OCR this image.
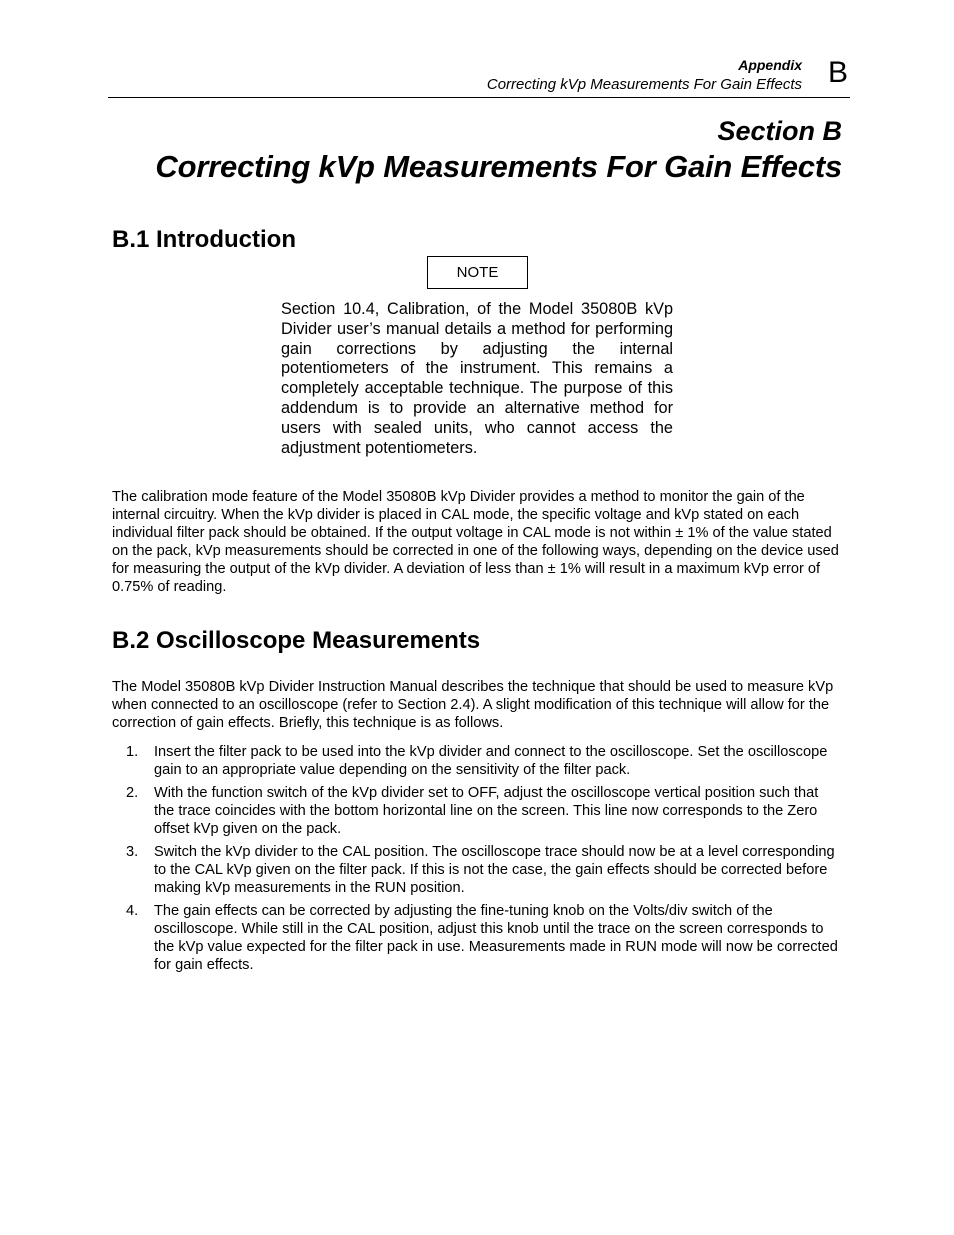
Appendix
Correcting kVp Measurements For Gain Effects B
Section B
Correcting kVp Measurements For Gain Effects
B.1 Introduction
NOTE

Section 10.4, Calibration, of the Model 35080B kVp Divider user’s manual details a method for performing gain corrections by adjusting the internal potentiometers of the instrument. This remains a completely acceptable technique. The purpose of this addendum is to provide an alternative method for users with sealed units, who cannot access the adjustment potentiometers.

The calibration mode feature of the Model 35080B kVp Divider provides a method to monitor the gain of the internal circuitry. When the kVp divider is placed in CAL mode, the specific voltage and kVp stated on each individual filter pack should be obtained. If the output voltage in CAL mode is not within ± 1% of the value stated on the pack, kVp measurements should be corrected in one of the following ways, depending on the device used for measuring the output of the kVp divider. A deviation of less than ± 1% will result in a maximum kVp error of 0.75% of reading.

B.2 Oscilloscope Measurements

The Model 35080B kVp Divider Instruction Manual describes the technique that should be used to measure kVp when connected to an oscilloscope (refer to Section 2.4). A slight modification of this technique will allow for the correction of gain effects. Briefly, this technique is as follows.

1. Insert the filter pack to be used into the kVp divider and connect to the oscilloscope. Set the oscilloscope gain to an appropriate value depending on the sensitivity of the filter pack.
2. With the function switch of the kVp divider set to OFF, adjust the oscilloscope vertical position such that the trace coincides with the bottom horizontal line on the screen. This line now corresponds to the Zero offset kVp given on the pack.
3. Switch the kVp divider to the CAL position. The oscilloscope trace should now be at a level corresponding to the CAL kVp given on the filter pack. If this is not the case, the gain effects should be corrected before making kVp measurements in the RUN position.
4. The gain effects can be corrected by adjusting the fine-tuning knob on the Volts/div switch of the oscilloscope. While still in the CAL position, adjust this knob until the trace on the screen corresponds to the kVp value expected for the filter pack in use. Measurements made in RUN mode will now be corrected for gain effects.
